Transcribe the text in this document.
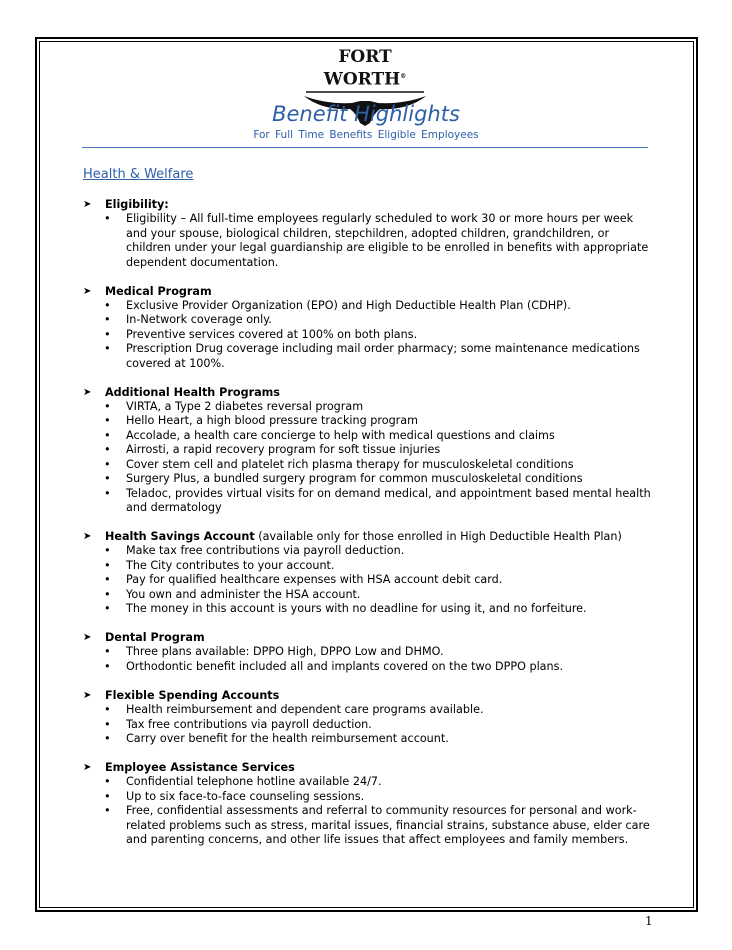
FORT WORTH®
Benefit Highlights
For Full Time Benefits Eligible Employees
Health & Welfare
➤ Eligibility:
• Eligibility – All full-time employees regularly scheduled to work 30 or more hours per week and your spouse, biological children, stepchildren, adopted children, grandchildren, or children under your legal guardianship are eligible to be enrolled in benefits with appropriate dependent documentation.
➤ Medical Program
• Exclusive Provider Organization (EPO) and High Deductible Health Plan (CDHP).
• In-Network coverage only.
• Preventive services covered at 100% on both plans.
• Prescription Drug coverage including mail order pharmacy; some maintenance medications covered at 100%.
➤ Additional Health Programs
• VIRTA, a Type 2 diabetes reversal program
• Hello Heart, a high blood pressure tracking program
• Accolade, a health care concierge to help with medical questions and claims
• Airrosti, a rapid recovery program for soft tissue injuries
• Cover stem cell and platelet rich plasma therapy for musculoskeletal conditions
• Surgery Plus, a bundled surgery program for common musculoskeletal conditions
• Teladoc, provides virtual visits for on demand medical, and appointment based mental health and dermatology
➤ Health Savings Account (available only for those enrolled in High Deductible Health Plan)
• Make tax free contributions via payroll deduction.
• The City contributes to your account.
• Pay for qualified healthcare expenses with HSA account debit card.
• You own and administer the HSA account.
• The money in this account is yours with no deadline for using it, and no forfeiture.
➤ Dental Program
• Three plans available: DPPO High, DPPO Low and DHMO.
• Orthodontic benefit included all and implants covered on the two DPPO plans.
➤ Flexible Spending Accounts
• Health reimbursement and dependent care programs available.
• Tax free contributions via payroll deduction.
• Carry over benefit for the health reimbursement account.
➤ Employee Assistance Services
• Confidential telephone hotline available 24/7.
• Up to six face-to-face counseling sessions.
• Free, confidential assessments and referral to community resources for personal and work-related problems such as stress, marital issues, financial strains, substance abuse, elder care and parenting concerns, and other life issues that affect employees and family members.
1
